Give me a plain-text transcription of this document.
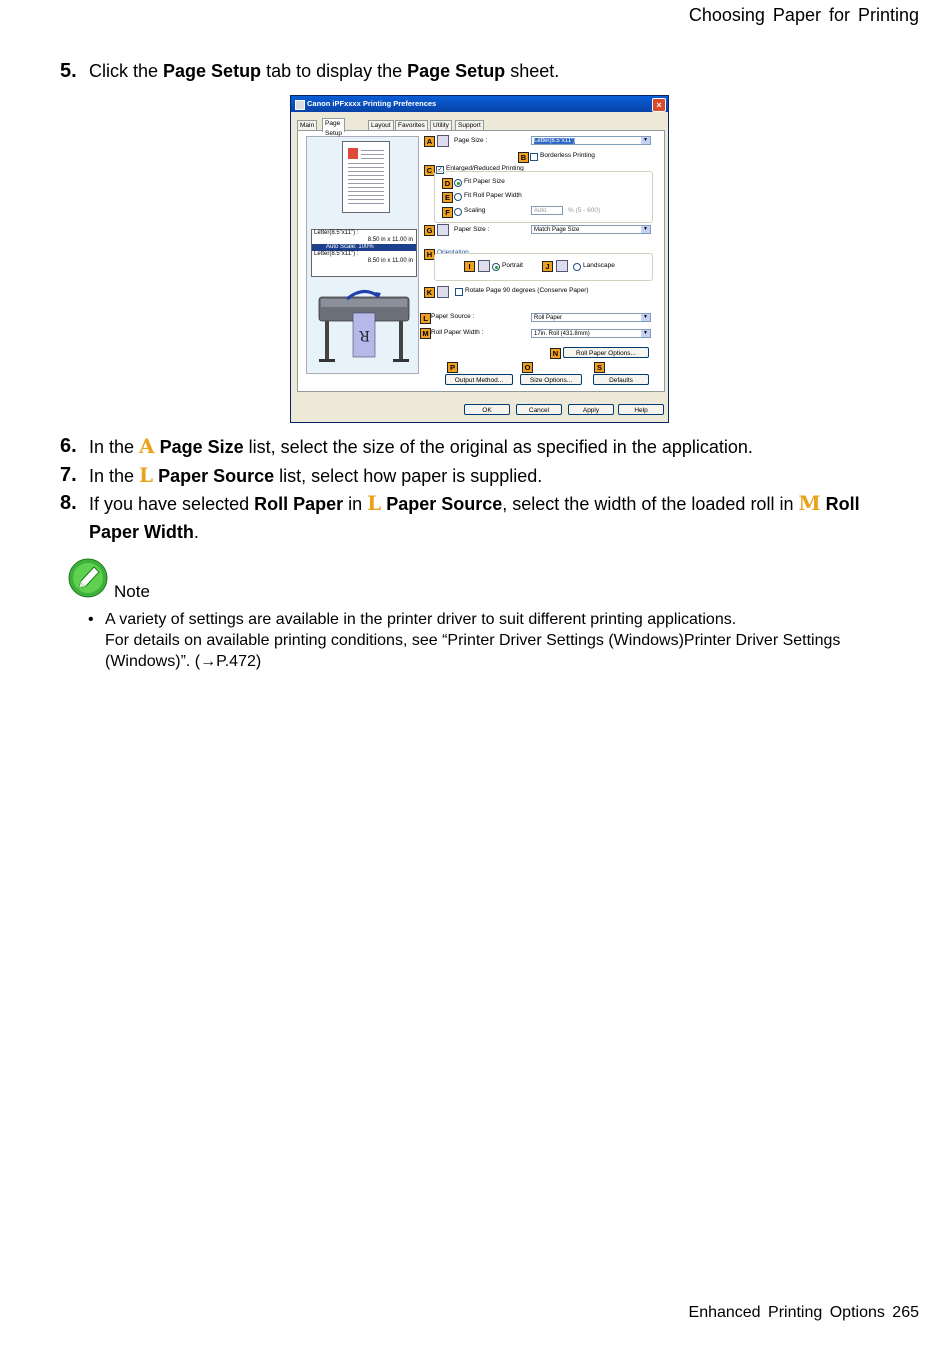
Choosing Paper for Printing
5. Click the Page Setup tab to display the Page Setup sheet.
Canon iPFxxxx Printing Preferences	×
Main	Page Setup
Layout	Favorites	Utility	Support
Letter(8.5"x11") :
8.50 in x 11.00 in
Auto Scale: 100%
Letter(8.5"x11") :
8.50 in x 11.00 in
R
A	Page Size :	Letter(8.5"x11")	▼
B	Borderless Printing
C ✓ Enlarged/Reduced Printing
D	Fit Paper Size
E	Fit Roll Paper Width
F	Scaling	Auto	% (5 - 600)
G	Paper Size :	Match Page Size	▼
H Orientation
I	Portrait	J	Landscape
K	Rotate Page 90 degrees (Conserve Paper)
L Paper Source :	Roll Paper	▼
M Roll Paper Width :	17in. Roll (431.8mm)	▼
N	Roll Paper Options...
P	O	S
Output Method...	Size Options...	Defaults
OK	Cancel	Apply	Help
6. In the A Page Size list, select the size of the original as specified in the application.
7. In the L Paper Source list, select how paper is supplied.
8. If you have selected Roll Paper in L Paper Source, select the width of the loaded roll in M Roll Paper Width.
Note
• A variety of settings are available in the printer driver to suit different printing applications.
For details on available printing conditions, see “Printer Driver Settings (Windows)Printer Driver Settings (Windows)”. (→P.472)
Enhanced Printing Options 265
